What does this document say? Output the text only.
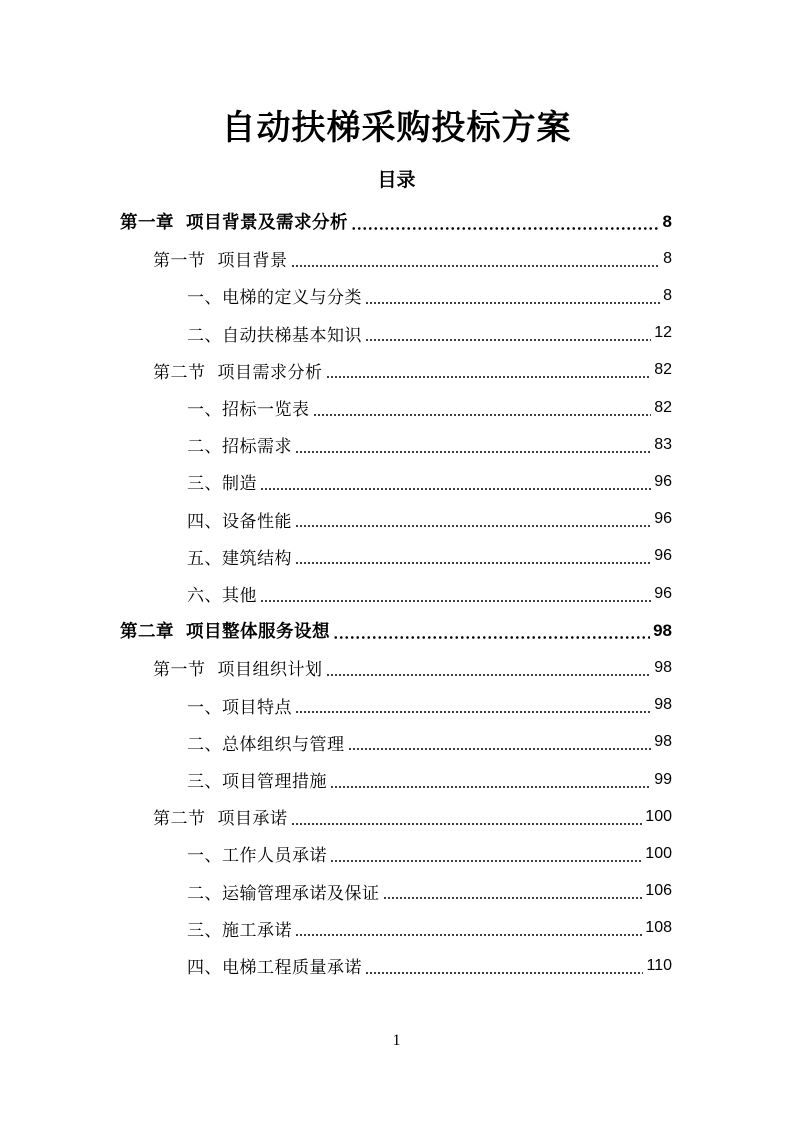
自动扶梯采购投标方案
目录
第一章 项目背景及需求分析	8
第一节 项目背景	8
一、电梯的定义与分类	8
二、自动扶梯基本知识	12
第二节 项目需求分析	82
一、招标一览表	82
二、招标需求	83
三、制造	96
四、设备性能	96
五、建筑结构	96
六、其他	96
第二章 项目整体服务设想	98
第一节 项目组织计划	98
一、项目特点	98
二、总体组织与管理	98
三、项目管理措施	99
第二节 项目承诺	100
一、工作人员承诺	100
二、运输管理承诺及保证	106
三、施工承诺	108
四、电梯工程质量承诺	110
1
